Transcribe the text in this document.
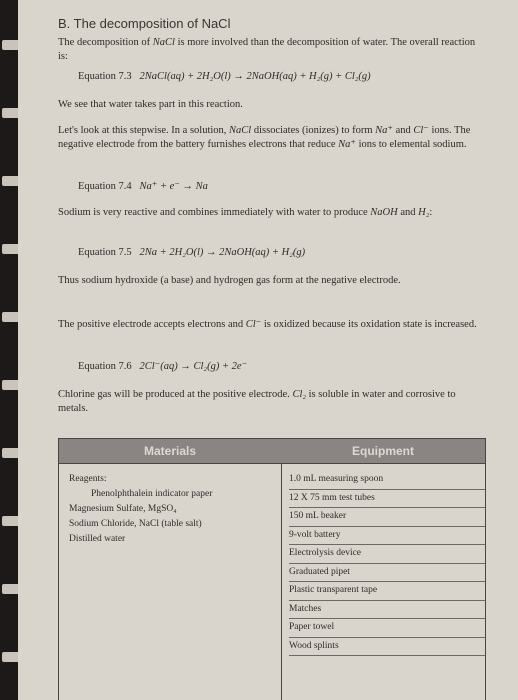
B. The decomposition of NaCl
The decomposition of NaCl is more involved than the decomposition of water. The overall reaction is:
Equation 7.3 2NaCl(aq) + 2H₂O(l) → 2NaOH(aq) + H₂(g) + Cl₂(g)
We see that water takes part in this reaction.
Let's look at this stepwise. In a solution, NaCl dissociates (ionizes) to form Na⁺ and Cl⁻ ions. The negative electrode from the battery furnishes electrons that reduce Na⁺ ions to elemental sodium.
Equation 7.4 Na⁺ + e⁻ → Na
Sodium is very reactive and combines immediately with water to produce NaOH and H₂:
Equation 7.5 2Na + 2H₂O(l) → 2NaOH(aq) + H₂(g)
Thus sodium hydroxide (a base) and hydrogen gas form at the negative electrode.
The positive electrode accepts electrons and Cl⁻ is oxidized because its oxidation state is increased.
Equation 7.6 2Cl⁻(aq) → Cl₂(g) + 2e⁻
Chlorine gas will be produced at the positive electrode. Cl₂ is soluble in water and corrosive to metals.
Materials
Reagents:
Phenolphthalein indicator paper
Magnesium Sulfate, MgSO₄
Sodium Chloride, NaCl (table salt)
Distilled water
Equipment
1.0 mL measuring spoon
12 X 75 mm test tubes
150 mL beaker
9-volt battery
Electrolysis device
Graduated pipet
Plastic transparent tape
Matches
Paper towel
Wood splints
